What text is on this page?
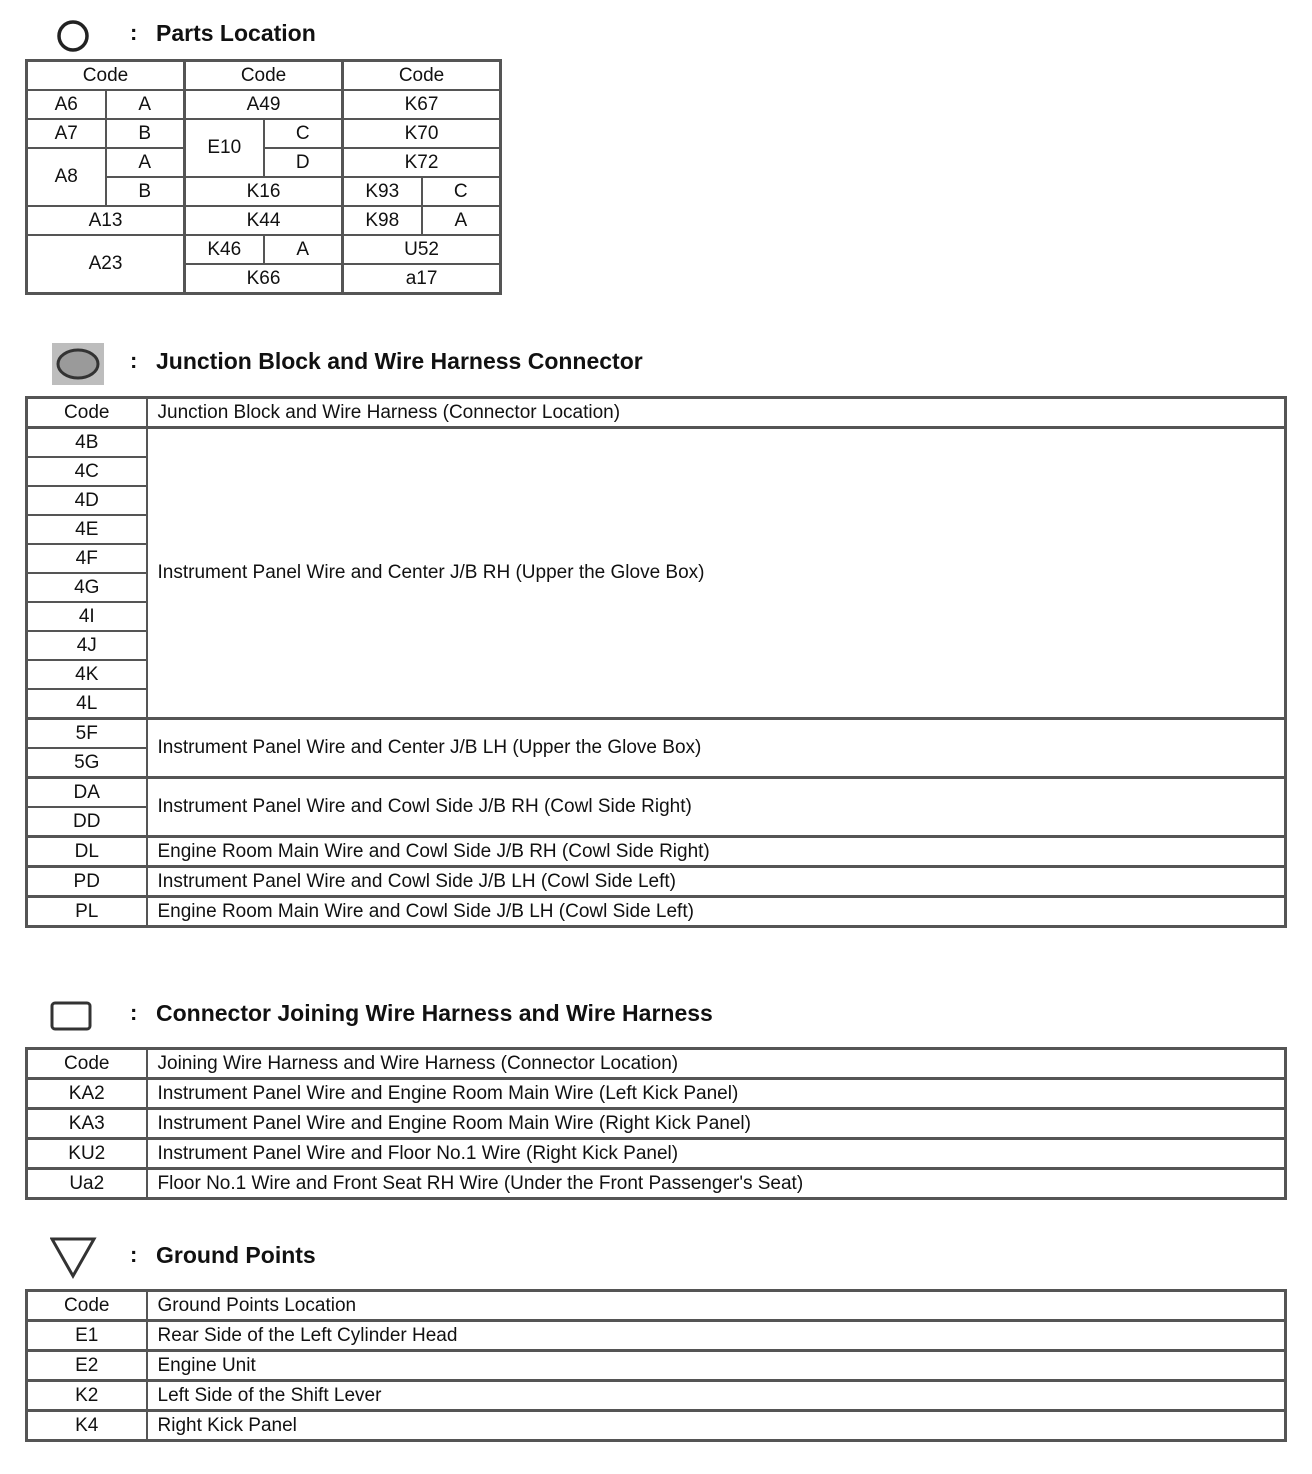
: Parts Location
Code		Code		Code	
A6	A	A49		K67	
A7	B	E10	C	K70	
A8	A		D	K72	
	B	K16		K93	C
A13		K44		K98	A
A23		K46	A	U52	
		K66		a17	
: Junction Block and Wire Harness Connector
Code	Junction Block and Wire Harness (Connector Location)
4B	Instrument Panel Wire and Center J/B RH (Upper the Glove Box)
4C	
4D	
4E	
4F	
4G	
4I	
4J	
4K	
4L	
5F	Instrument Panel Wire and Center J/B LH (Upper the Glove Box)
5G	
DA	Instrument Panel Wire and Cowl Side J/B RH (Cowl Side Right)
DD	
DL	Engine Room Main Wire and Cowl Side J/B RH (Cowl Side Right)
PD	Instrument Panel Wire and Cowl Side J/B LH (Cowl Side Left)
PL	Engine Room Main Wire and Cowl Side J/B LH (Cowl Side Left)
: Connector Joining Wire Harness and Wire Harness
Code	Joining Wire Harness and Wire Harness (Connector Location)
KA2	Instrument Panel Wire and Engine Room Main Wire (Left Kick Panel)
KA3	Instrument Panel Wire and Engine Room Main Wire (Right Kick Panel)
KU2	Instrument Panel Wire and Floor No.1 Wire (Right Kick Panel)
Ua2	Floor No.1 Wire and Front Seat RH Wire (Under the Front Passenger's Seat)
: Ground Points
Code	Ground Points Location
E1	Rear Side of the Left Cylinder Head
E2	Engine Unit
K2	Left Side of the Shift Lever
K4	Right Kick Panel
